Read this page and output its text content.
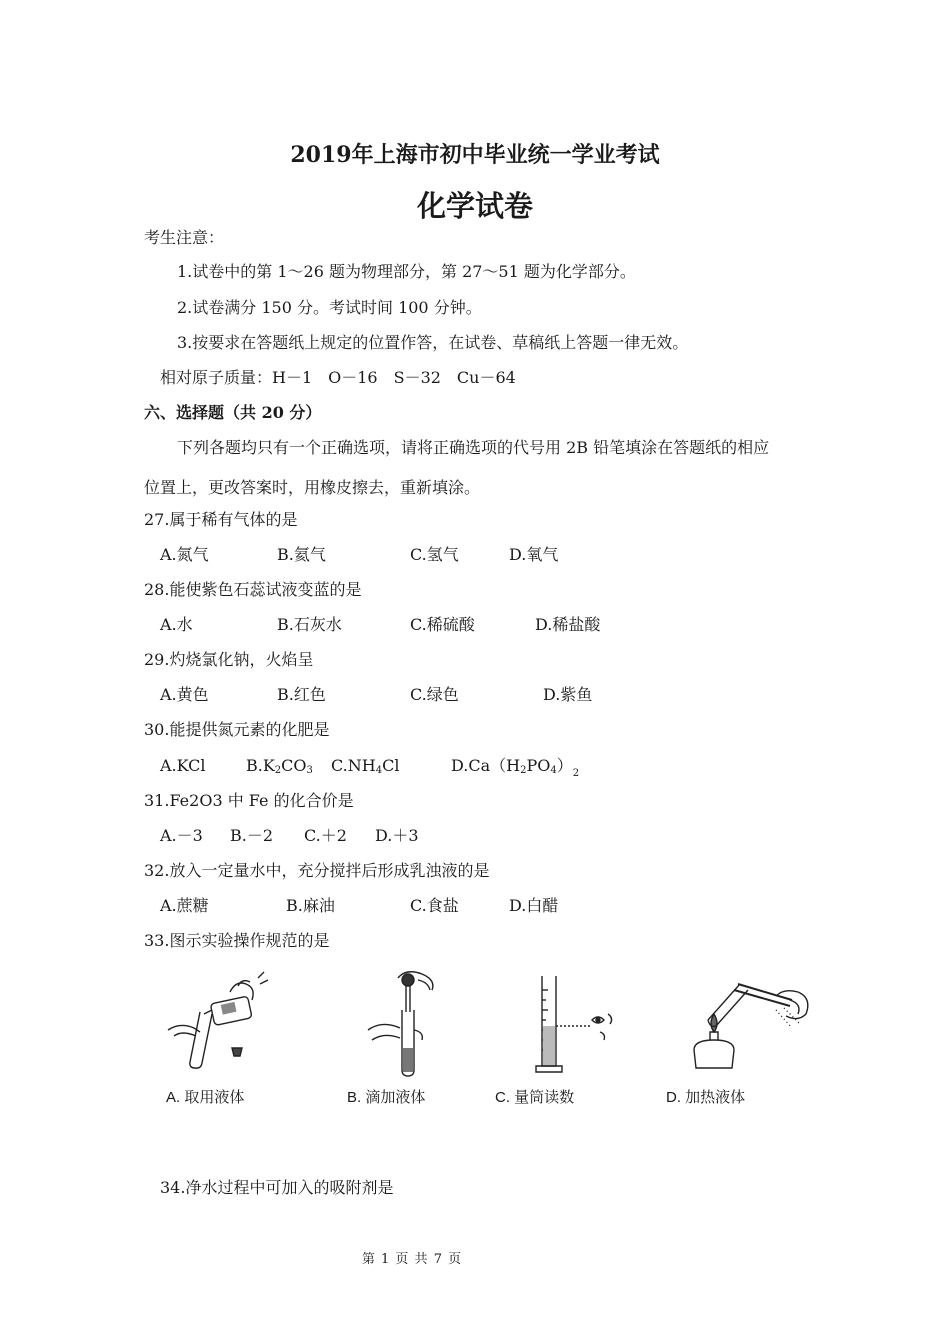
2019年上海市初中毕业统一学业考试
化学试卷
考生注意：
1.试卷中的第 1～26 题为物理部分，第 27～51 题为化学部分。
2.试卷满分 150 分。考试时间 100 分钟。
3.按要求在答题纸上规定的位置作答，在试卷、草稿纸上答题一律无效。
相对原子质量：H－1　O－16　S－32　Cu－64
六、选择题（共 20 分）
下列各题均只有一个正确选项，请将正确选项的代号用 2B 铅笔填涂在答题纸的相应
位置上，更改答案时，用橡皮擦去，重新填涂。
27.属于稀有气体的是
A.氮气	B.氦气	C.氢气	D.氧气
28.能使紫色石蕊试液变蓝的是
A.水	B.石灰水	C.稀硫酸	D.稀盐酸
29.灼烧氯化钠，火焰呈
A.黄色	B.红色	C.绿色	D.紫鱼
30.能提供氮元素的化肥是
A.KCl	$B.K_2CO_3$ $C.NH_4Cl$	$D.Ca(H_2PO_4)_2$
31.Fe2O3 中 Fe 的化合价是
A.－3 B.－2 C.＋2 D.＋3
32.放入一定量水中，充分搅拌后形成乳浊液的是
A.蔗糖	B.麻油	C.食盐	D.白醋
33.图示实验操作规范的是
A. 取用液体	B. 滴加液体	C. 量筒读数	D. 加热液体
34.净水过程中可加入的吸附剂是
第 1 页 共 7 页
